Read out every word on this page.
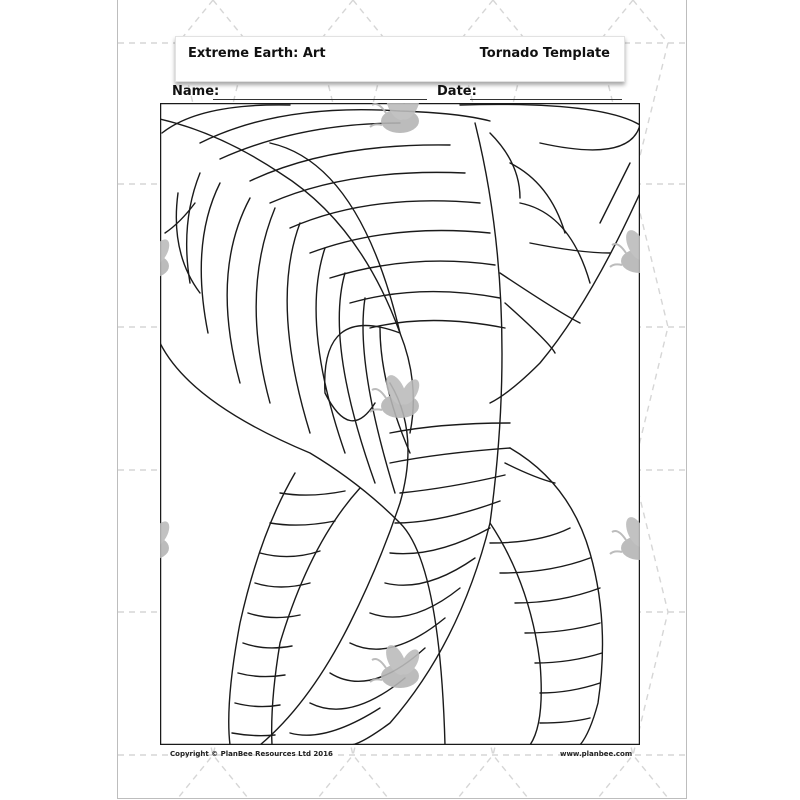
Extreme Earth: Art	Tornado Template
Name:	Date:
Copyright © PlanBee Resources Ltd 2016	www.planbee.com
